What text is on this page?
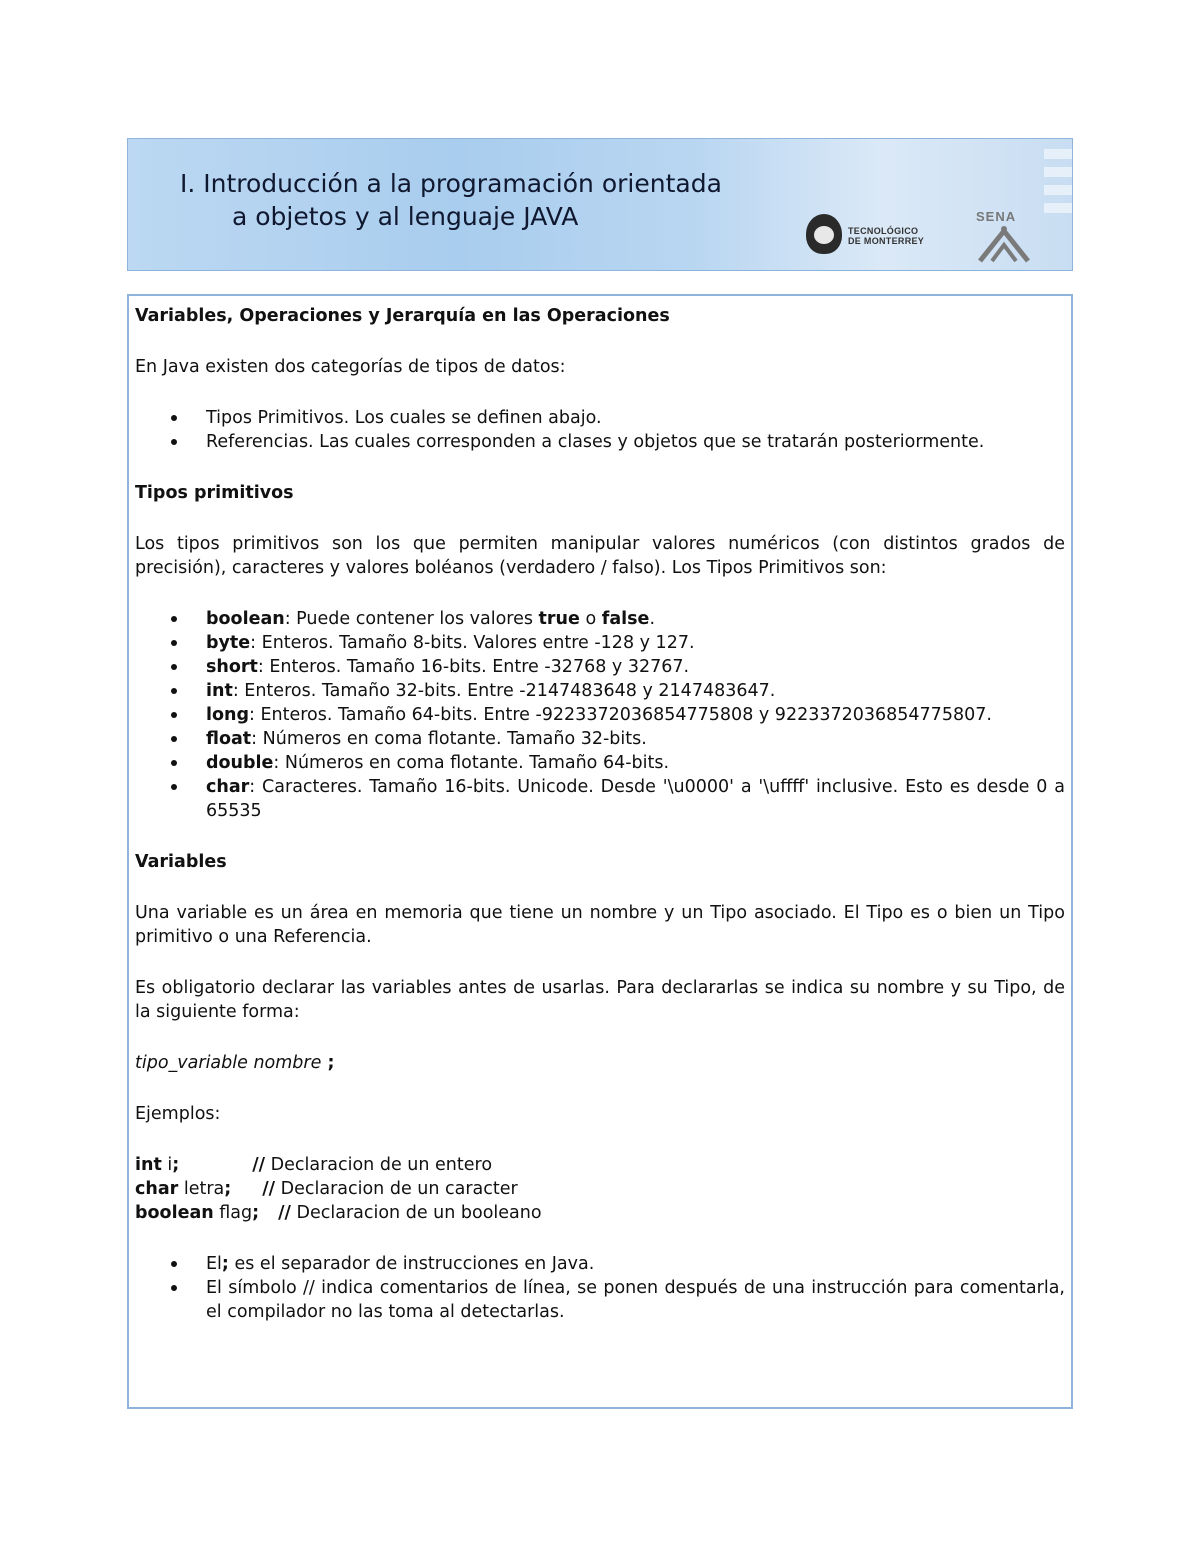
I. Introducción a la programación orientada
a objetos y al lenguaje JAVA	TECNOLÓGICO
DE MONTERREY
SENA
Variables, Operaciones y Jerarquía en las Operaciones

En Java existen dos categorías de tipos de datos:

Tipos Primitivos. Los cuales se definen abajo.
Referencias. Las cuales corresponden a clases y objetos que se tratarán posteriormente.
Tipos primitivos

Los tipos primitivos son los que permiten manipular valores numéricos (con distintos grados de precisión), caracteres y valores boléanos (verdadero / falso). Los Tipos Primitivos son:

boolean: Puede contener los valores true o false.
byte: Enteros. Tamaño 8-bits. Valores entre -128 y 127.
short: Enteros. Tamaño 16-bits. Entre -32768 y 32767.
int: Enteros. Tamaño 32-bits. Entre -2147483648 y 2147483647.
long: Enteros. Tamaño 64-bits. Entre -9223372036854775808 y 9223372036854775807.
float: Números en coma flotante. Tamaño 32-bits.
double: Números en coma flotante. Tamaño 64-bits.
char: Caracteres. Tamaño 16-bits. Unicode. Desde '\u0000' a '\uffff' inclusive. Esto es desde 0 a 65535
Variables

Una variable es un área en memoria que tiene un nombre y un Tipo asociado. El Tipo es o bien un Tipo primitivo o una Referencia.

Es obligatorio declarar las variables antes de usarlas. Para declararlas se indica su nombre y su Tipo, de la siguiente forma:

tipo_variable nombre ;

Ejemplos:

int i;	// Declaracion de un entero
char letra; // Declaracion de un caracter
boolean flag; // Declaracion de un booleano
El; es el separador de instrucciones en Java.
El símbolo // indica comentarios de línea, se ponen después de una instrucción para comentarla, el compilador no las toma al detectarlas.
